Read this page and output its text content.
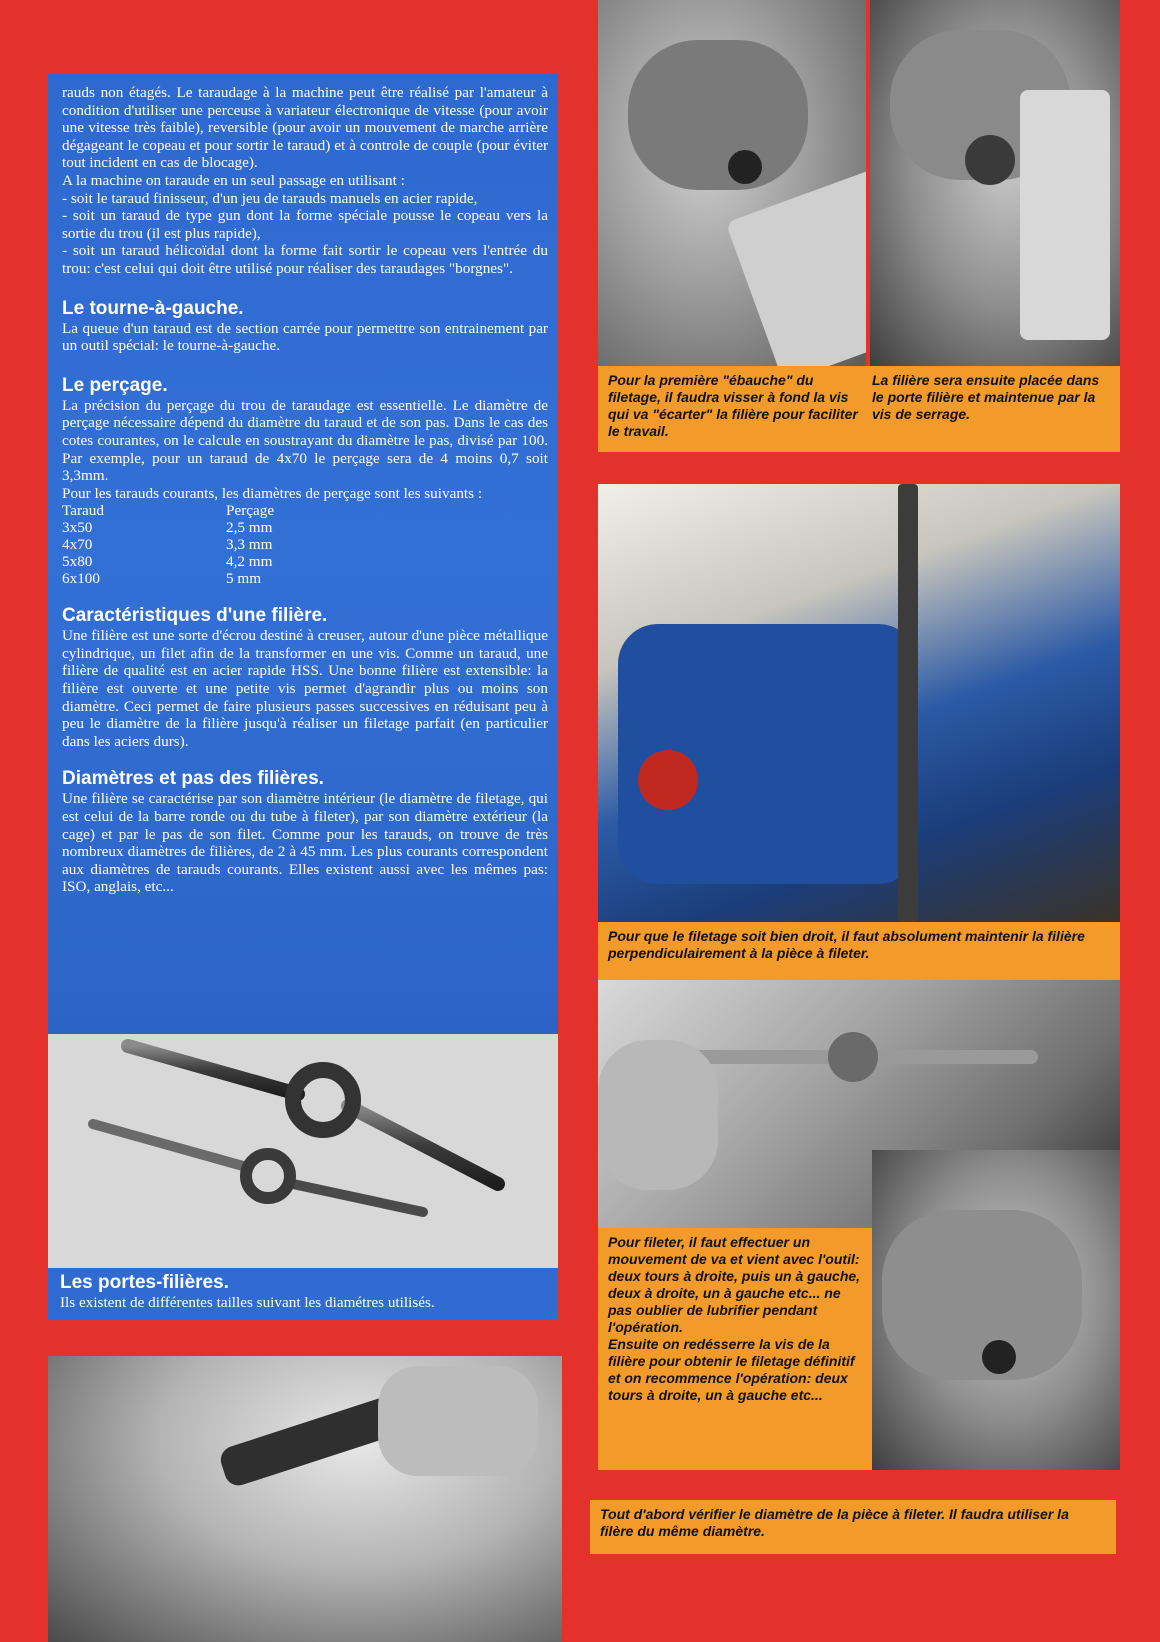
rauds non étagés. Le taraudage à la machine peut être réalisé par l'amateur à condition d'utiliser une perceuse à variateur électronique de vitesse (pour avoir une vitesse très faible), reversible (pour avoir un mouvement de marche arrière dégageant le copeau et pour sortir le taraud) et à controle de couple (pour éviter tout incident en cas de blocage).

A la machine on taraude en un seul passage en utilisant :

- soit le taraud finisseur, d'un jeu de tarauds manuels en acier rapide,

- soit un taraud de type gun dont la forme spéciale pousse le copeau vers la sortie du trou (il est plus rapide),

- soit un taraud hélicoïdal dont la forme fait sortir le copeau vers l'entrée du trou: c'est celui qui doit être utilisé pour réaliser des taraudages "borgnes".

Le tourne-à-gauche.

La queue d'un taraud est de section carrée pour permettre son entrainement par un outil spécial: le tourne-à-gauche.

Le perçage.

La précision du perçage du trou de taraudage est essentielle. Le diamètre de perçage nécessaire dépend du diamètre du taraud et de son pas. Dans le cas des cotes courantes, on le calcule en soustrayant du diamètre le pas, divisé par 100. Par exemple, pour un taraud de 4x70 le perçage sera de 4 moins 0,7 soit 3,3mm.

Pour les tarauds courants, les diamètres de perçage sont les suivants :

Taraud	Perçage
3x50	2,5 mm
4x70	3,3 mm
5x80	4,2 mm
6x100	5 mm
Caractéristiques d'une filière.

Une filière est une sorte d'écrou destiné à creuser, autour d'une pièce métallique cylindrique, un filet afin de la transformer en une vis. Comme un taraud, une filière de qualité est en acier rapide HSS. Une bonne filière est extensible: la filière est ouverte et une petite vis permet d'agrandir plus ou moins son diamètre. Ceci permet de faire plusieurs passes successives en réduisant peu à peu le diamètre de la filière jusqu'à réaliser un filetage parfait (en particulier dans les aciers durs).

Diamètres et pas des filières.

Une filière se caractérise par son diamètre intérieur (le diamètre de filetage, qui est celui de la barre ronde ou du tube à fileter), par son diamètre extérieur (la cage) et par le pas de son filet. Comme pour les tarauds, on trouve de très nombreux diamètres de filières, de 2 à 45 mm. Les plus courants correspondent aux diamètres de tarauds courants. Elles existent aussi avec les mêmes pas: ISO, anglais, etc...

Les portes-filières.

Ils existent de différentes tailles suivant les diamétres utilisés.

Pour la première "ébauche" du filetage, il faudra visser à fond la vis qui va "écarter" la filière pour faciliter le travail.

La filière sera ensuite placée dans le porte filière et maintenue par la vis de serrage.

Pour que le filetage soit bien droit, il faut absolument maintenir la filière perpendiculairement à la pièce à fileter.

Pour fileter, il faut effectuer un mouvement de va et vient avec l'outil: deux tours à droite, puis un à gauche, deux à droite, un à gauche etc... ne pas oublier de lubrifier pendant l'opération.

Ensuite on redésserre la vis de la filière pour obtenir le filetage définitif et on recommence l'opération: deux tours à droite, un à gauche etc...

Tout d'abord vérifier le diamètre de la pièce à fileter. Il faudra utiliser la filère du même diamètre.
